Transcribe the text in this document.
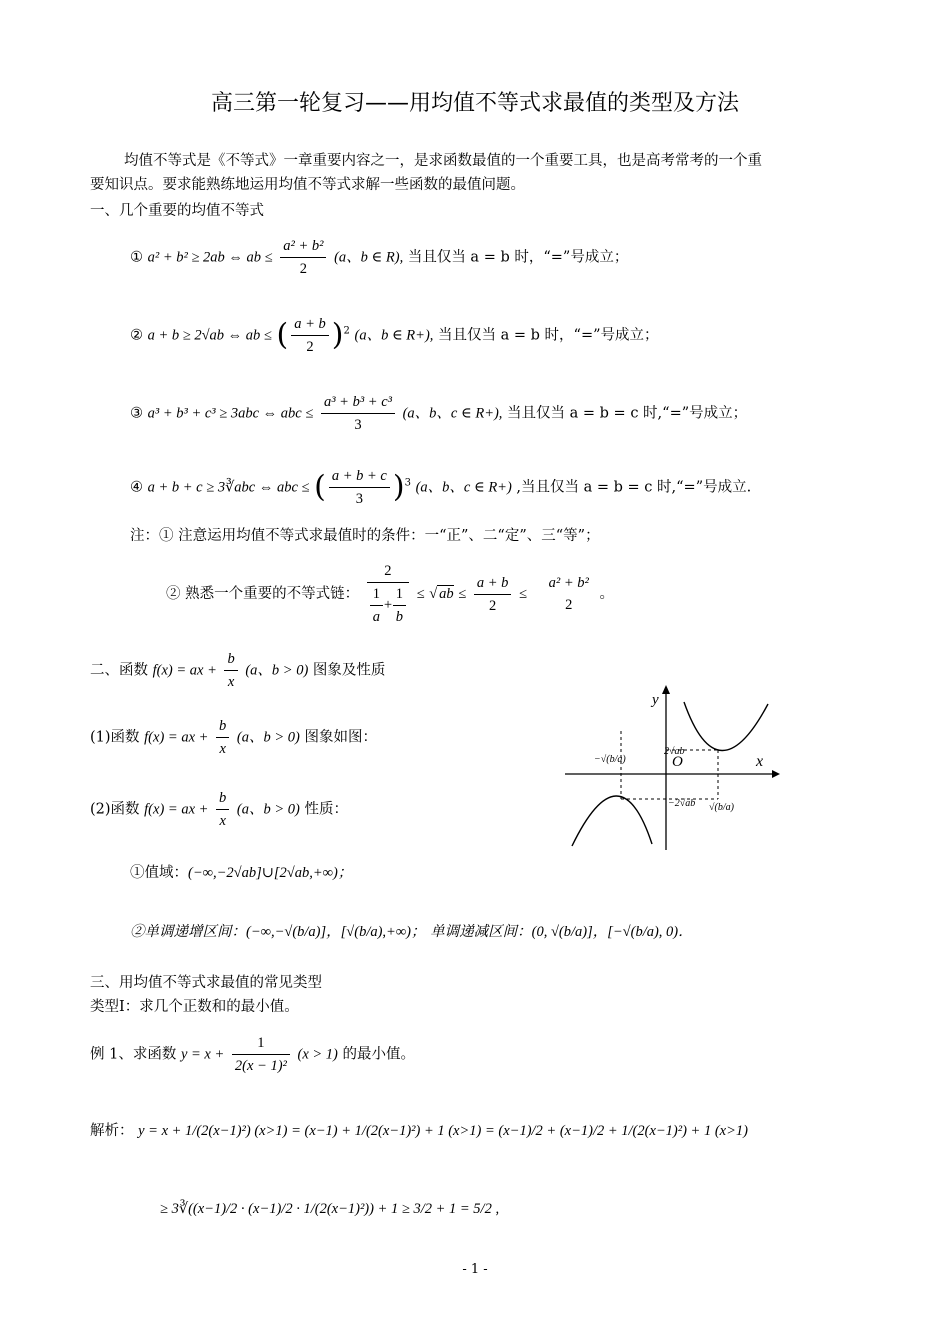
高三第一轮复习——用均值不等式求最值的类型及方法
均值不等式是《不等式》一章重要内容之一，是求函数最值的一个重要工具，也是高考常考的一个重
要知识点。要求能熟练地运用均值不等式求解一些函数的最值问题。
一、几个重要的均值不等式
① a² + b² ≥ 2ab ⇔ ab ≤ $\frac{\text{a² + b²}}{2} (a$、b ∈ R), 当且仅当 a = b 时，“=”号成立；
② a + b ≥ 2√ab ⇔ ab ≤ ( $\frac{a + b}{2} )^2$ (a、b ∈ R+), 当且仅当 a = b 时，“=”号成立；
③ a³ + b³ + c³ ≥ 3abc ⇔ abc ≤ $\frac{\text{a³ + b³ + c³}}{3} (a$、b、c ∈ R+), 当且仅当 a = b = c 时,“=”号成立；
④ a + b + c ≥ 3∛abc ⇔ abc ≤ ( $\frac{a + b + c}{3} )^3$ (a、b、c ∈ R+) ,当且仅当 a = b = c 时,“=”号成立.
注：① 注意运用均值不等式求最值时的条件：一“正”、二“定”、三“等”；
② 熟悉一个重要的不等式链： $\frac{2}{\frac{1}{a} + \frac{1}{b}}$ ≤ √ ab ≤ $\frac{a + b}{2}$ ≤
a² + b²
2
。
二、函数 f(x) = ax + $\frac{b}{x} (a$、b > 0) 图象及性质
(1)函数 f(x) = ax + $\frac{b}{x} (a$、b > 0) 图象如图：
(2)函数 f(x) = ax + $\frac{b}{x} (a$、b > 0) 性质：
①值域：(−∞,−2√ab]∪[2√ab,+∞)；
②单调递增区间：(−∞,−√(b/a)]，[√(b/a),+∞)； 单调递减区间：(0, √(b/a)]，[−√(b/a), 0)．
y
x
O
−√(b/a)
2√ab
−2√ab √(b/a)
三、用均值不等式求最值的常见类型
类型Ⅰ：求几个正数和的最小值。
例 1、求函数 $y = x + \frac{1}{\text{2(x − 1)²}} (x > 1)$ 的最小值。
解析： y = x + 1/(2(x−1)²) (x>1) = (x−1) + 1/(2(x−1)²) + 1 (x>1) = (x−1)/2 + (x−1)/2 + 1/(2(x−1)²) + 1 (x>1)
≥ 3∛((x−1)/2 · (x−1)/2 · 1/(2(x−1)²)) + 1 ≥ 3/2 + 1 = 5/2 ,
- 1 -
